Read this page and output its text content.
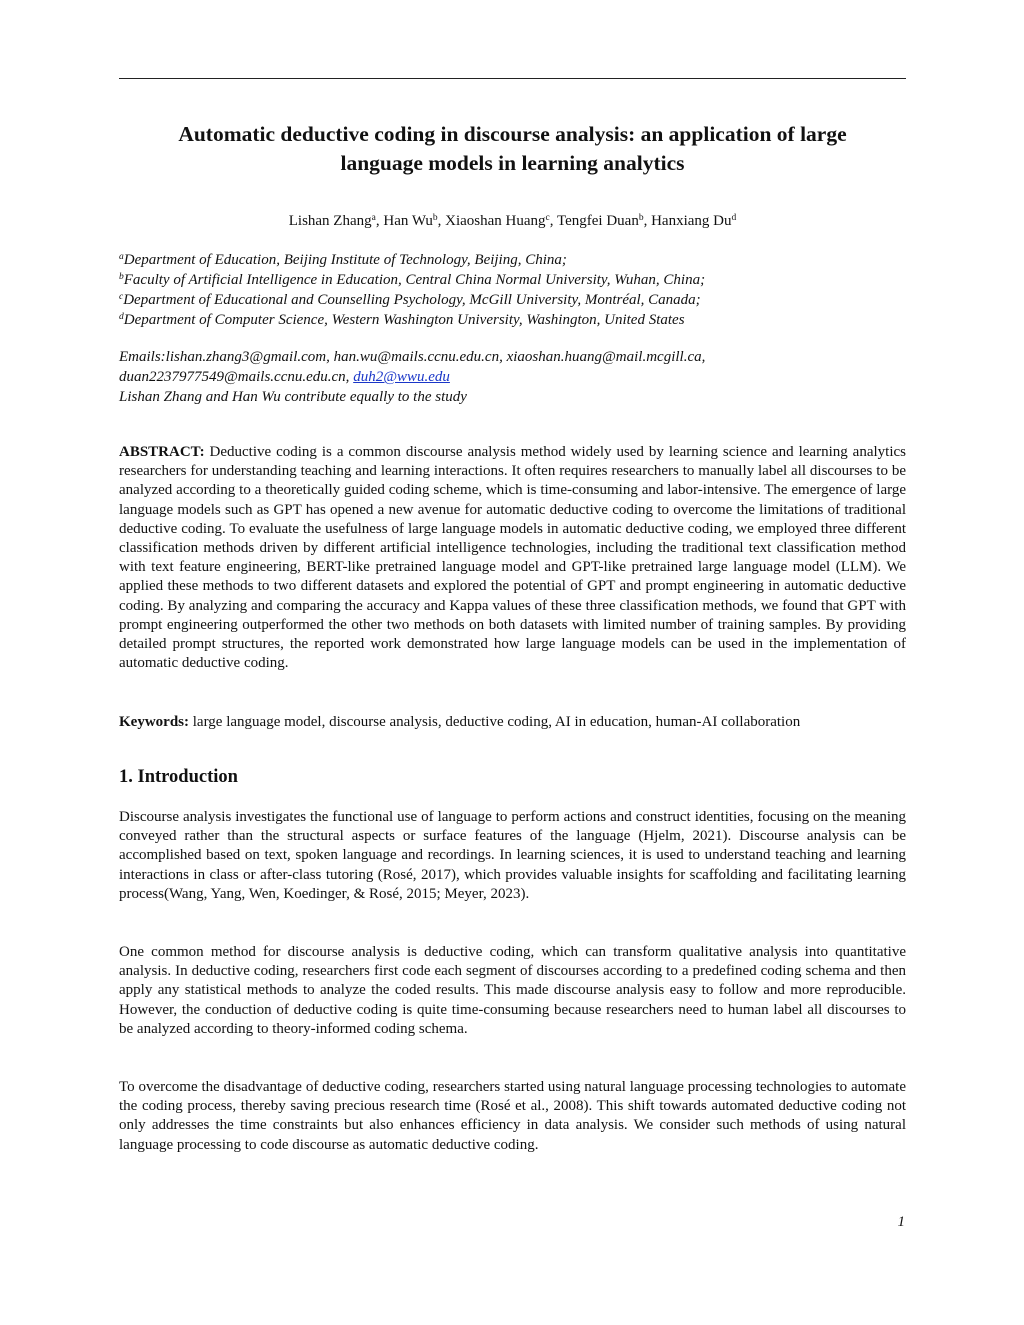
Automatic deductive coding in discourse analysis: an application of large
language models in learning analytics
Lishan Zhang$^a$, Han Wu$^b$, Xiaoshan Huang$^c$, Tengfei Duan$^b$, Hanxiang Du$^d$
$^a$Department of Education, Beijing Institute of Technology, Beijing, China;
$^b$Faculty of Artificial Intelligence in Education, Central China Normal University, Wuhan, China;
$^c$Department of Educational and Counselling Psychology, McGill University, Montréal, Canada;
$^d$Department of Computer Science, Western Washington University, Washington, United States
Emails:lishan.zhang3@gmail.com, han.wu@mails.ccnu.edu.cn, xiaoshan.huang@mail.mcgill.ca,
duan2237977549@mails.ccnu.edu.cn, duh2@wwu.edu
Lishan Zhang and Han Wu contribute equally to the study
ABSTRACT: Deductive coding is a common discourse analysis method widely used by learning science and learning analytics researchers for understanding teaching and learning interactions. It often requires researchers to manually label all discourses to be analyzed according to a theoretically guided coding scheme, which is time-consuming and labor-intensive. The emergence of large language models such as GPT has opened a new avenue for automatic deductive coding to overcome the limitations of traditional deductive coding. To evaluate the usefulness of large language models in automatic deductive coding, we employed three different classification methods driven by different artificial intelligence technologies, including the traditional text classification method with text feature engineering, BERT-like pretrained language model and GPT-like pretrained large language model (LLM). We applied these methods to two different datasets and explored the potential of GPT and prompt engineering in automatic deductive coding. By analyzing and comparing the accuracy and Kappa values of these three classification methods, we found that GPT with prompt engineering outperformed the other two methods on both datasets with limited number of training samples. By providing detailed prompt structures, the reported work demonstrated how large language models can be used in the implementation of automatic deductive coding.
Keywords: large language model, discourse analysis, deductive coding, AI in education, human-AI collaboration
1. Introduction

Discourse analysis investigates the functional use of language to perform actions and construct identities, focusing on the meaning conveyed rather than the structural aspects or surface features of the language (Hjelm, 2021). Discourse analysis can be accomplished based on text, spoken language and recordings. In learning sciences, it is used to understand teaching and learning interactions in class or after-class tutoring (Rosé, 2017), which provides valuable insights for scaffolding and facilitating learning process(Wang, Yang, Wen, Koedinger, & Rosé, 2015; Meyer, 2023).

One common method for discourse analysis is deductive coding, which can transform qualitative analysis into quantitative analysis. In deductive coding, researchers first code each segment of discourses according to a predefined coding schema and then apply any statistical methods to analyze the coded results. This made discourse analysis easy to follow and more reproducible. However, the conduction of deductive coding is quite time-consuming because researchers need to human label all discourses to be analyzed according to theory-informed coding schema.

To overcome the disadvantage of deductive coding, researchers started using natural language processing technologies to automate the coding process, thereby saving precious research time (Rosé et al., 2008). This shift towards automated deductive coding not only addresses the time constraints but also enhances efficiency in data analysis. We consider such methods of using natural language processing to code discourse as automatic deductive coding.

1
